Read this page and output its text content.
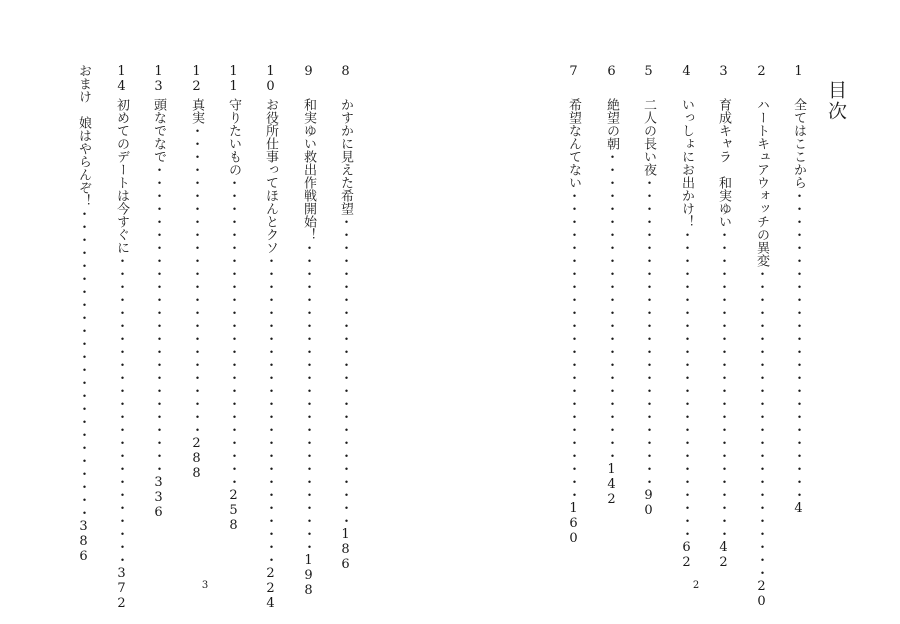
8
かすかに見えた希望
・・・・・・・・・・・・・・・・・・・・・・・・
186
9
和実ゆい救出作戦開始！
・・・・・・・・・・・・・・・・・・・・・・・・
198
10
お役所仕事ってほんとクソ
・・・・・・・・・・・・・・・・・・・・・・・・
224
11
守りたいもの
・・・・・・・・・・・・・・・・・・・・・・・・
258
12
真実
・・・・・・・・・・・・・・・・・・・・・・・・
288
13
頭なでなで
・・・・・・・・・・・・・・・・・・・・・・・・
336
14
初めてのデートは今すぐに
・・・・・・・・・・・・・・・・・・・・・・・・
372
おまけ　娘はやらんぞ！
・・・・・・・・・・・・・・・・・・・・・・・・
386
3
目次
1
全てはここから
・・・・・・・・・・・・・・・・・・・・・・・・
4
2
ハートキュアウォッチの異変
・・・・・・・・・・・・・・・・・・・・・・・・
20
3
育成キャラ　和実ゆい
・・・・・・・・・・・・・・・・・・・・・・・・
42
4
いっしょにお出かけ！
・・・・・・・・・・・・・・・・・・・・・・・・
62
5
二人の長い夜
・・・・・・・・・・・・・・・・・・・・・・・・
90
6
絶望の朝
・・・・・・・・・・・・・・・・・・・・・・・・
142
7
希望なんてない
・・・・・・・・・・・・・・・・・・・・・・・・
160
2
